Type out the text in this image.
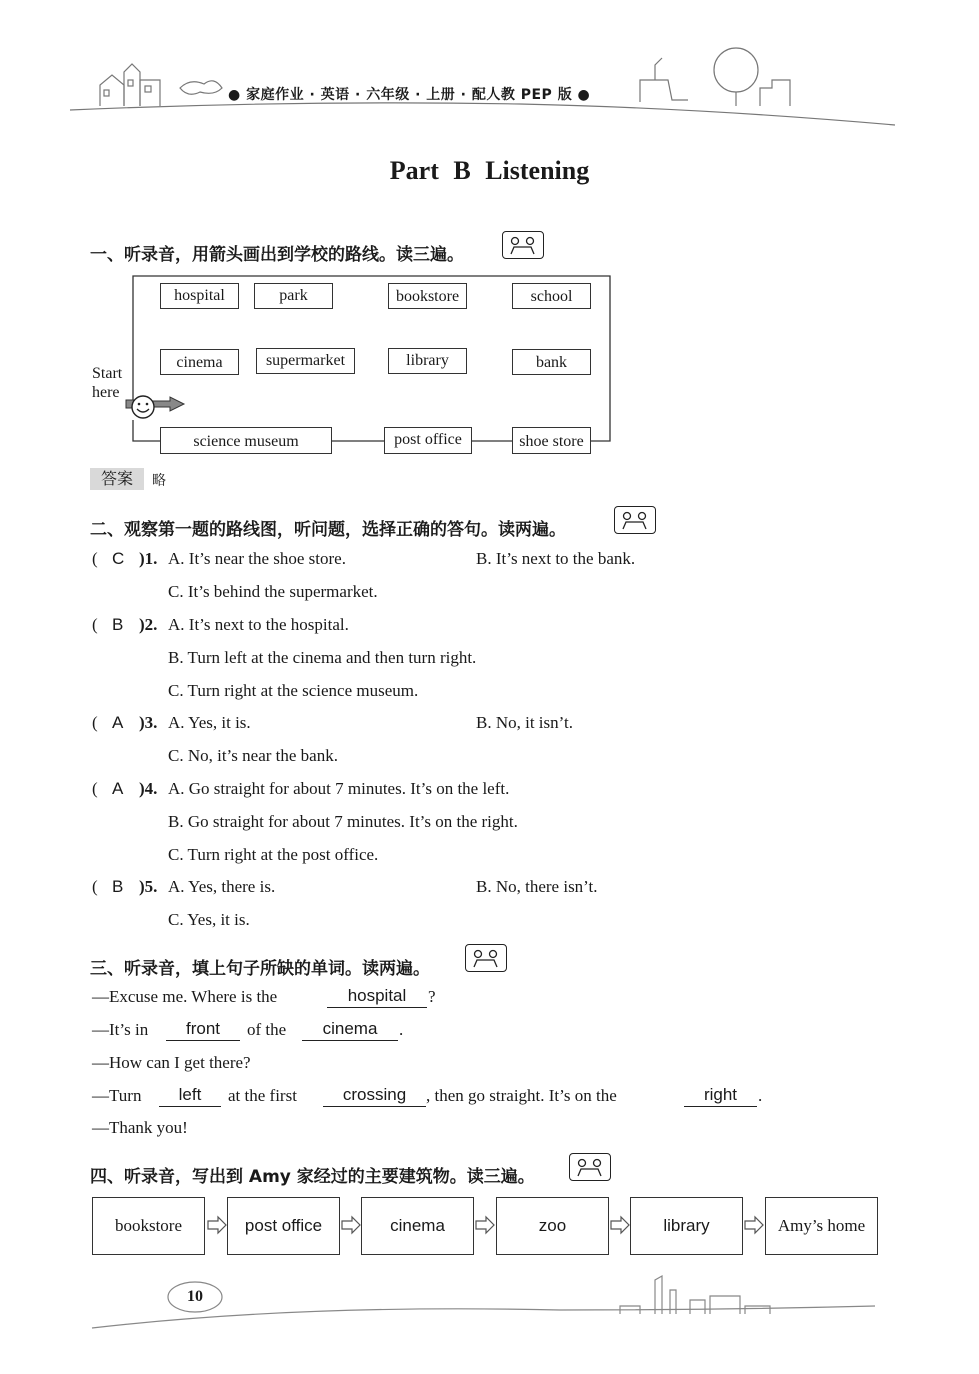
● 家庭作业 · 英语 · 六年级 · 上册 · 配人教 PEP 版 ●
Part B Listening
一、听录音，用箭头画出到学校的路线。读三遍。
hospital	park	bookstore	school
cinema	supermarket	library	bank
science museum	post office	shoe store
Start
here
答案	略
二、观察第一题的路线图，听问题，选择正确的答句。读两遍。
( C )1. A. It’s near the shoe store.	B. It’s next to the bank.
C. It’s behind the supermarket.
( B )2. A. It’s next to the hospital.
B. Turn left at the cinema and then turn right.
C. Turn right at the science museum.
( A )3. A. Yes, it is.	B. No, it isn’t.
C. No, it’s near the bank.
( A )4. A. Go straight for about 7 minutes. It’s on the left.
B. Go straight for about 7 minutes. It’s on the right.
C. Turn right at the post office.
( B )5. A. Yes, there is.	B. No, there isn’t.
C. Yes, it is.
三、听录音，填上句子所缺的单词。读两遍。
—Excuse me. Where is the	hospital	?
—It’s in	front	of the	cinema	.
—How can I get there?
—Turn	left	at the first	crossing	, then go straight. It’s on the	right	.
—Thank you!
四、听录音，写出到 Amy 家经过的主要建筑物。读三遍。
bookstore	post office	cinema	zoo	library	Amy’s home
10
